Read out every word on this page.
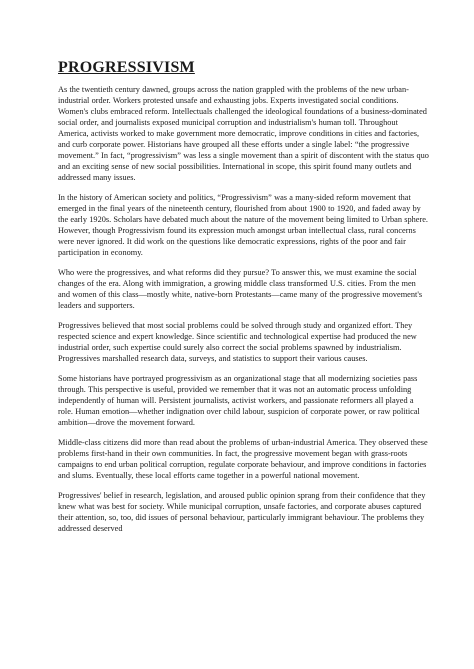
PROGRESSIVISM

As the twentieth century dawned, groups across the nation grappled with the problems of the new urban-industrial order. Workers protested unsafe and exhausting jobs. Experts investigated social conditions. Women's clubs embraced reform. Intellectuals challenged the ideological foundations of a business-dominated social order, and journalists exposed municipal corruption and industrialism's human toll. Throughout America, activists worked to make government more democratic, improve conditions in cities and factories, and curb corporate power. Historians have grouped all these efforts under a single label: “the progressive movement.” In fact, “progressivism” was less a single movement than a spirit of discontent with the status quo and an exciting sense of new social possibilities. International in scope, this spirit found many outlets and addressed many issues.

In the history of American society and politics, “Progressivism” was a many-sided reform movement that emerged in the final years of the nineteenth century, flourished from about 1900 to 1920, and faded away by the early 1920s. Scholars have debated much about the nature of the movement being limited to Urban sphere. However, though Progressivism found its expression much amongst urban intellectual class, rural concerns were never ignored. It did work on the questions like democratic expressions, rights of the poor and fair participation in economy.

Who were the progressives, and what reforms did they pursue? To answer this, we must examine the social changes of the era. Along with immigration, a growing middle class transformed U.S. cities. From the men and women of this class—mostly white, native-born Protestants—came many of the progressive movement's leaders and supporters.

Progressives believed that most social problems could be solved through study and organized effort. They respected science and expert knowledge. Since scientific and technological expertise had produced the new industrial order, such expertise could surely also correct the social problems spawned by industrialism. Progressives marshalled research data, surveys, and statistics to support their various causes.

Some historians have portrayed progressivism as an organizational stage that all modernizing societies pass through. This perspective is useful, provided we remember that it was not an automatic process unfolding independently of human will. Persistent journalists, activist workers, and passionate reformers all played a role. Human emotion—whether indignation over child labour, suspicion of corporate power, or raw political ambition—drove the movement forward.

Middle-class citizens did more than read about the problems of urban-industrial America. They observed these problems first-hand in their own communities. In fact, the progressive movement began with grass-roots campaigns to end urban political corruption, regulate corporate behaviour, and improve conditions in factories and slums. Eventually, these local efforts came together in a powerful national movement.

Progressives' belief in research, legislation, and aroused public opinion sprang from their confidence that they knew what was best for society. While municipal corruption, unsafe factories, and corporate abuses captured their attention, so, too, did issues of personal behaviour, particularly immigrant behaviour. The problems they addressed deserved
